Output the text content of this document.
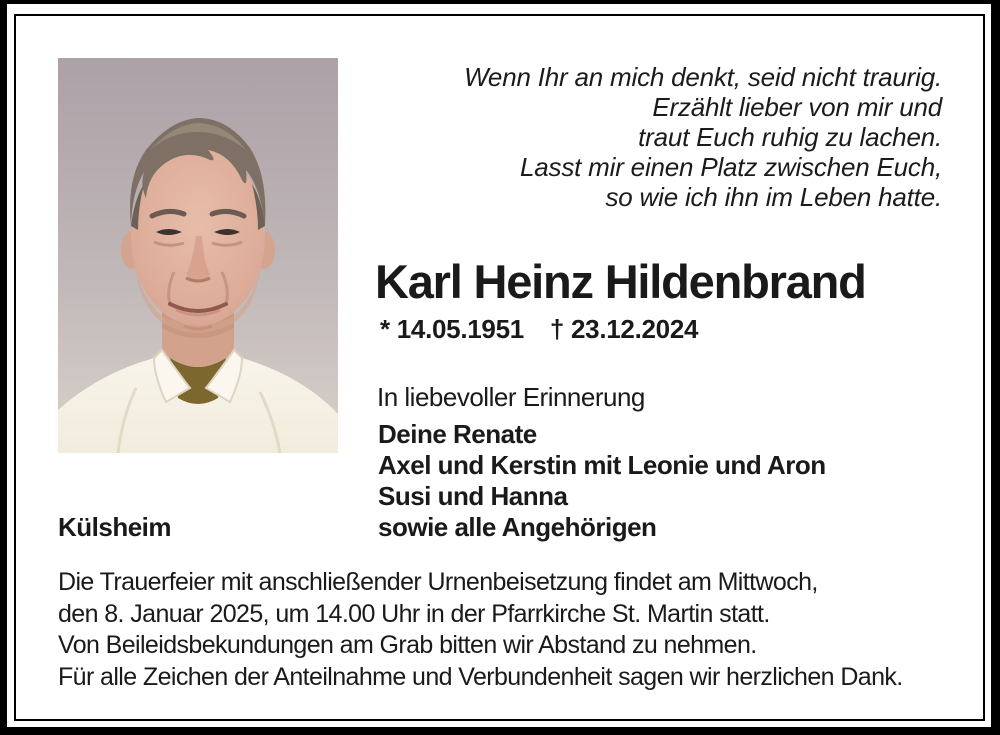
Wenn Ihr an mich denkt, seid nicht traurig.
Erzählt lieber von mir und
traut Euch ruhig zu lachen.
Lasst mir einen Platz zwischen Euch,
so wie ich ihn im Leben hatte.
Karl Heinz Hildenbrand
* 14.05.1951 † 23.12.2024
In liebevoller Erinnerung
Deine Renate
Axel und Kerstin mit Leonie und Aron
Susi und Hanna
sowie alle Angehörigen
Külsheim
Die Trauerfeier mit anschließender Urnenbeisetzung findet am Mittwoch,
den 8. Januar 2025, um 14.00 Uhr in der Pfarrkirche St. Martin statt.
Von Beileidsbekundungen am Grab bitten wir Abstand zu nehmen.
Für alle Zeichen der Anteilnahme und Verbundenheit sagen wir herzlichen Dank.
